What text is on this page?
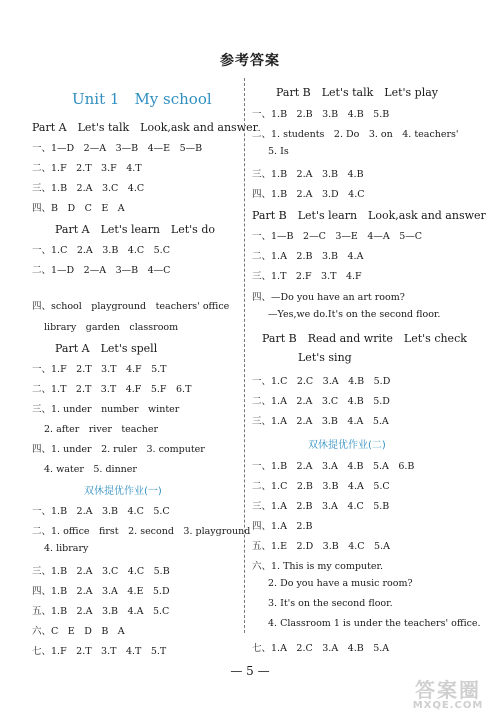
参考答案
Unit 1　My school
Part A　Let's talk　Look,ask and answer
一、1—D　2—A　3—B　4—E　5—B
二、1.F　2.T　3.F　4.T
三、1.B　2.A　3.C　4.C
四、B　D　C　E　A
Part A　Let's learn　Let's do
一、1.C　2.A　3.B　4.C　5.C
二、1—D　2—A　3—B　4—C
四、school　playground　teachers' office
library　garden　classroom
Part A　Let's spell
一、1.F　2.T　3.T　4.F　5.T
二、1.T　2.T　3.T　4.F　5.F　6.T
三、1. under　number　winter
2. after　river　teacher
四、1. under　2. ruler　3. computer
4. water　5. dinner
双休提优作业(一)
一、1.B　2.A　3.B　4.C　5.C
二、1. office　first　2. second　3. playground
4. library
三、1.B　2.A　3.C　4.C　5.B
四、1.B　2.A　3.A　4.E　5.D
五、1.B　2.A　3.B　4.A　5.C
六、C　E　D　B　A
七、1.F　2.T　3.T　4.T　5.T
Part B　Let's talk　Let's play
一、1.B　2.B　3.B　4.B　5.B
二、1. students　2. Do　3. on　4. teachers'
5. Is
三、1.B　2.A　3.B　4.B
四、1.B　2.A　3.D　4.C
Part B　Let's learn　Look,ask and answer
一、1—B　2—C　3—E　4—A　5—C
二、1.A　2.B　3.B　4.A
三、1.T　2.F　3.T　4.F
四、—Do you have an art room?
—Yes,we do.It's on the second floor.
Part B　Read and write　Let's check
Let's sing
一、1.C　2.C　3.A　4.B　5.D
二、1.A　2.A　3.C　4.B　5.D
三、1.A　2.A　3.B　4.A　5.A
双休提优作业(二)
一、1.B　2.A　3.A　4.B　5.A　6.B
二、1.C　2.B　3.B　4.A　5.C
三、1.A　2.B　3.A　4.C　5.B
四、1.A　2.B
五、1.E　2.D　3.B　4.C　5.A
六、1. This is my computer.
2. Do you have a music room?
3. It's on the second floor.
4. Classroom 1 is under the teachers' office.
七、1.A　2.C　3.A　4.B　5.A
— 5 —
答案圈
MXQE.COM
